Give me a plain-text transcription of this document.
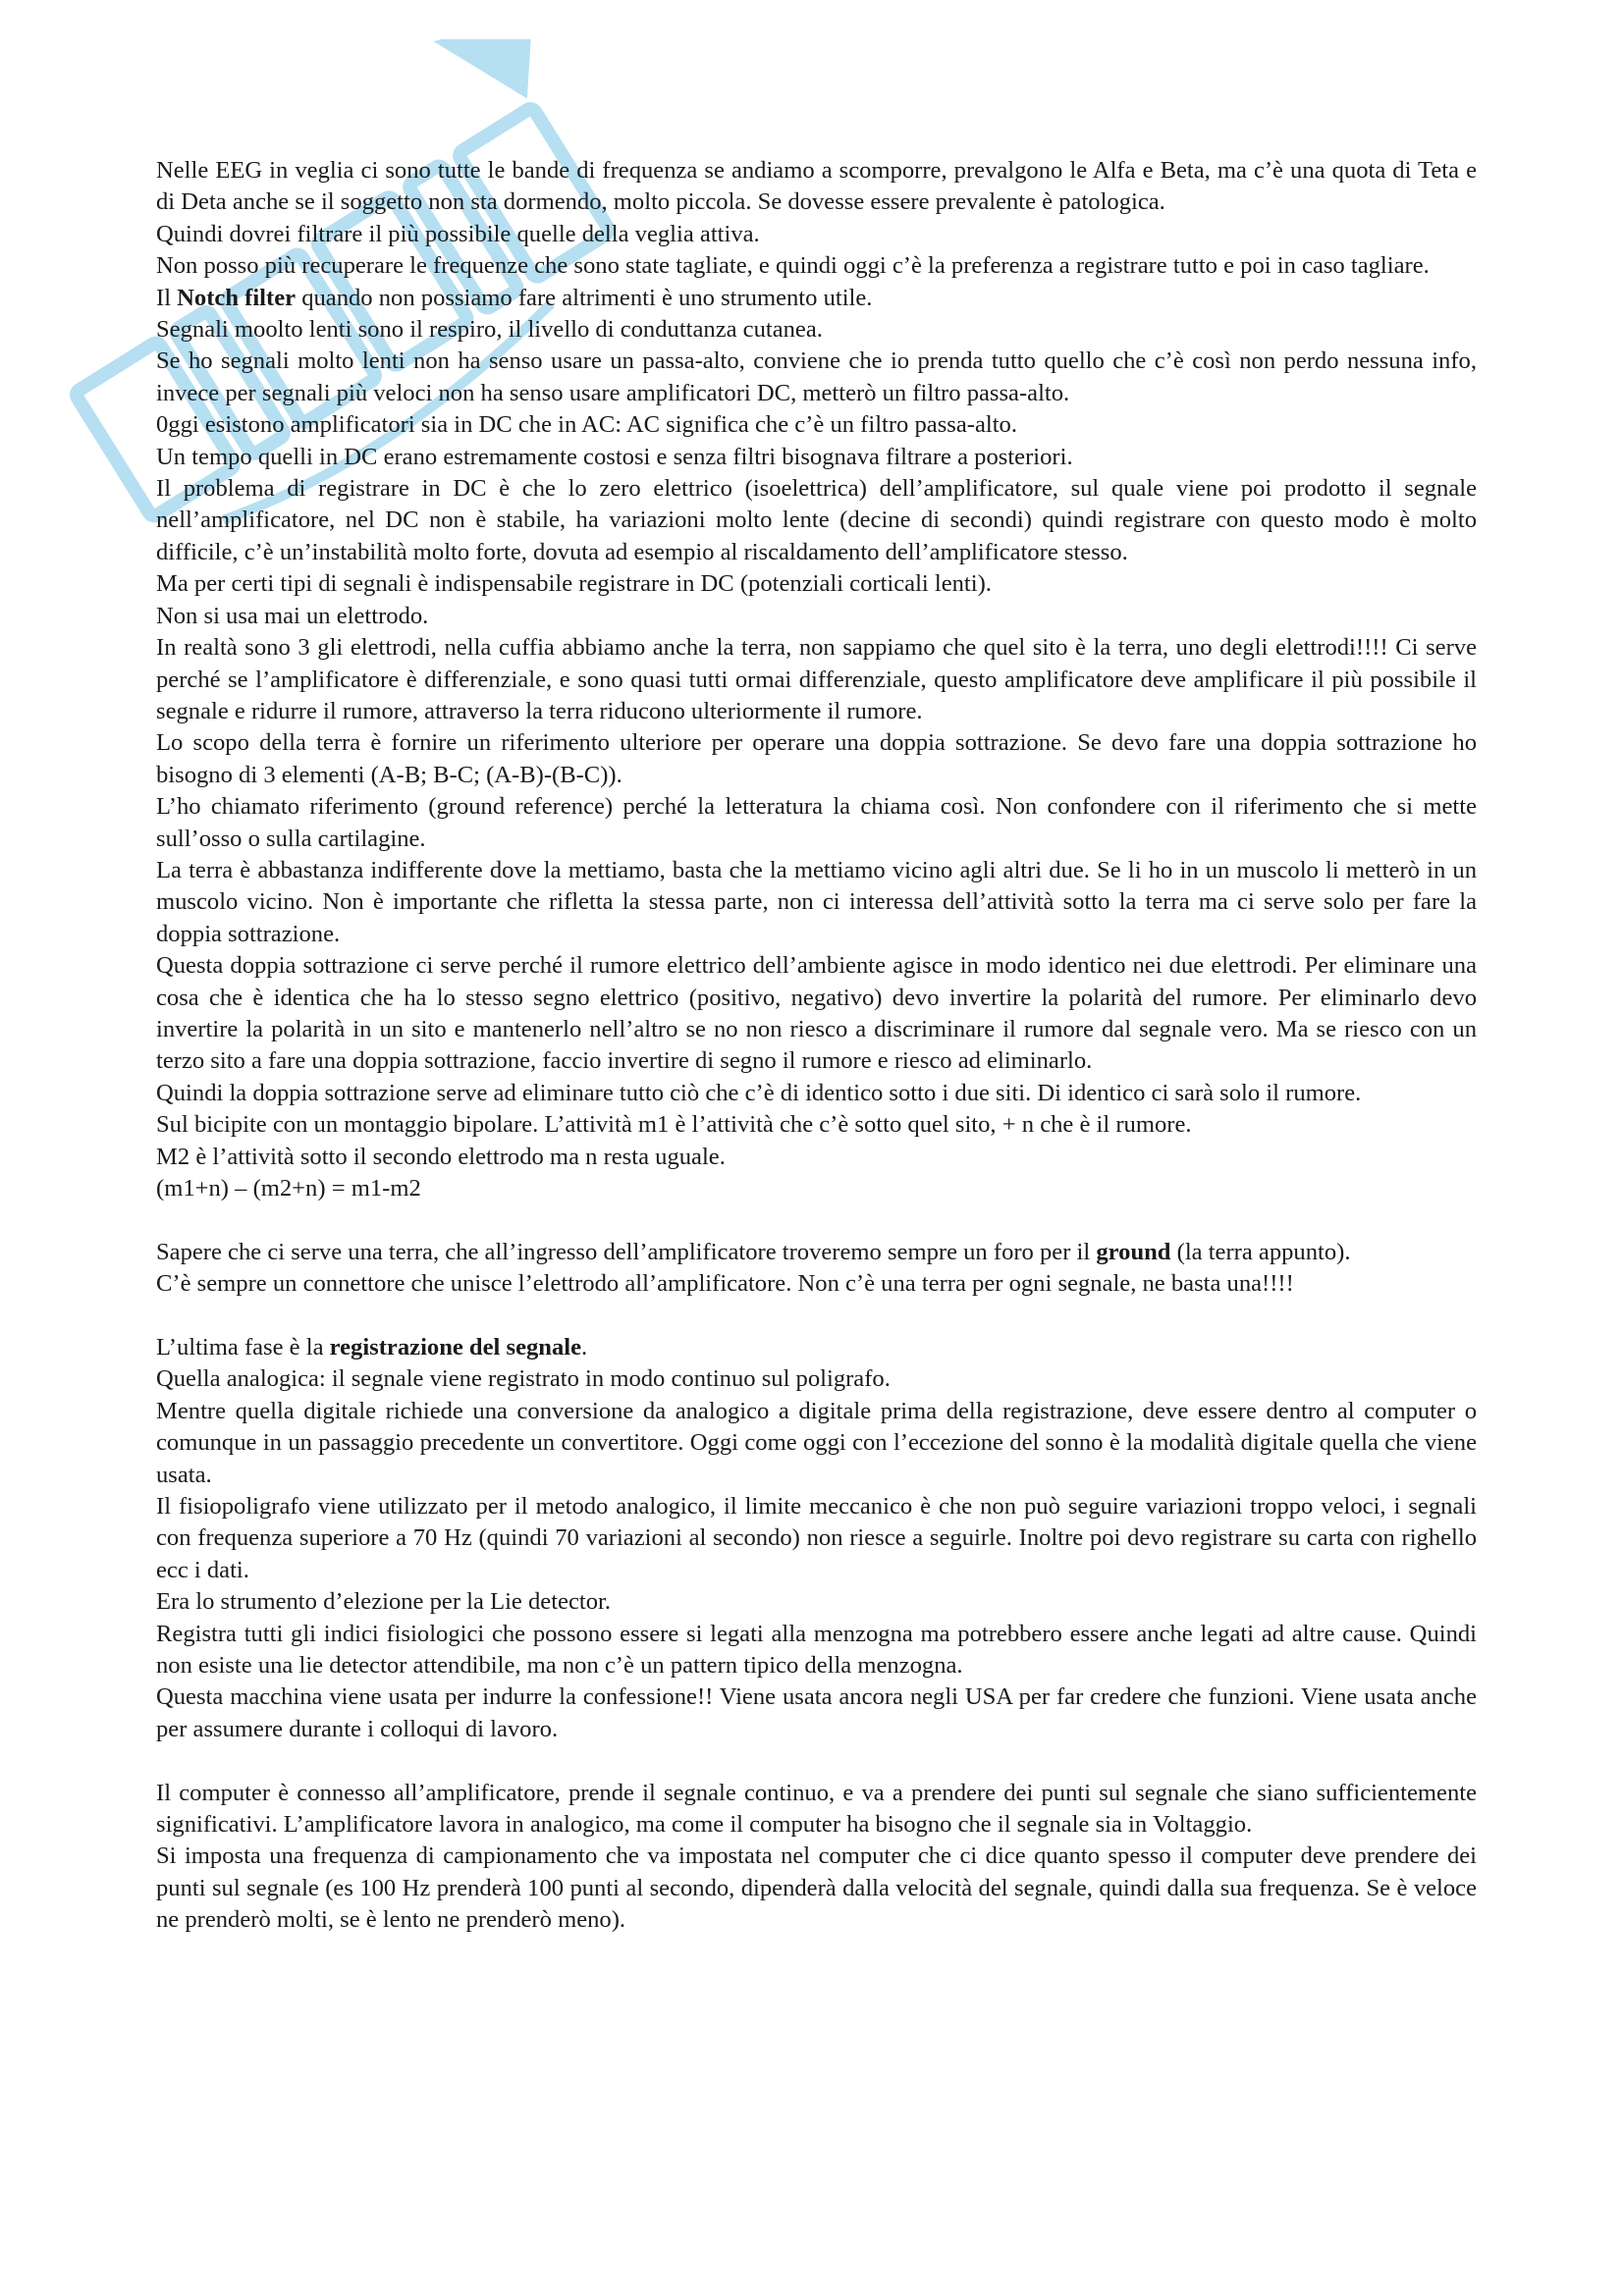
Nelle EEG in veglia ci sono tutte le bande di frequenza se andiamo a scomporre, prevalgono le Alfa e Beta, ma c’è una quota di Teta e di Deta anche se il soggetto non sta dormendo, molto piccola. Se dovesse essere prevalente è patologica.

Quindi dovrei filtrare il più possibile quelle della veglia attiva.

Non posso più recuperare le frequenze che sono state tagliate, e quindi oggi c’è la preferenza a registrare tutto e poi in caso tagliare.

Il Notch filter quando non possiamo fare altrimenti è uno strumento utile.

Segnali moolto lenti sono il respiro, il livello di conduttanza cutanea.

Se ho segnali molto lenti non ha senso usare un passa-alto, conviene che io prenda tutto quello che c’è così non perdo nessuna info, invece per segnali più veloci non ha senso usare amplificatori DC, metterò un filtro passa-alto.

0ggi esistono amplificatori sia in DC che in AC: AC significa che c’è un filtro passa-alto.

Un tempo quelli in DC erano estremamente costosi e senza filtri bisognava filtrare a posteriori.

Il problema di registrare in DC è che lo zero elettrico (isoelettrica) dell’amplificatore, sul quale viene poi prodotto il segnale nell’amplificatore, nel DC non è stabile, ha variazioni molto lente (decine di secondi) quindi registrare con questo modo è molto difficile, c’è un’instabilità molto forte, dovuta ad esempio al riscaldamento dell’amplificatore stesso.

Ma per certi tipi di segnali è indispensabile registrare in DC (potenziali corticali lenti).

Non si usa mai un elettrodo.

In realtà sono 3 gli elettrodi, nella cuffia abbiamo anche la terra, non sappiamo che quel sito è la terra, uno degli elettrodi!!!! Ci serve perché se l’amplificatore è differenziale, e sono quasi tutti ormai differenziale, questo amplificatore deve amplificare il più possibile il segnale e ridurre il rumore, attraverso la terra riducono ulteriormente il rumore.

Lo scopo della terra è fornire un riferimento ulteriore per operare una doppia sottrazione. Se devo fare una doppia sottrazione ho bisogno di 3 elementi (A-B; B-C; (A-B)-(B-C)).

L’ho chiamato riferimento (ground reference) perché la letteratura la chiama così. Non confondere con il riferimento che si mette sull’osso o sulla cartilagine.

La terra è abbastanza indifferente dove la mettiamo, basta che la mettiamo vicino agli altri due. Se li ho in un muscolo li metterò in un muscolo vicino. Non è importante che rifletta la stessa parte, non ci interessa dell’attività sotto la terra ma ci serve solo per fare la doppia sottrazione.

Questa doppia sottrazione ci serve perché il rumore elettrico dell’ambiente agisce in modo identico nei due elettrodi. Per eliminare una cosa che è identica che ha lo stesso segno elettrico (positivo, negativo) devo invertire la polarità del rumore. Per eliminarlo devo invertire la polarità in un sito e mantenerlo nell’altro se no non riesco a discriminare il rumore dal segnale vero. Ma se riesco con un terzo sito a fare una doppia sottrazione, faccio invertire di segno il rumore e riesco ad eliminarlo.

Quindi la doppia sottrazione serve ad eliminare tutto ciò che c’è di identico sotto i due siti. Di identico ci sarà solo il rumore.

Sul bicipite con un montaggio bipolare. L’attività m1 è l’attività che c’è sotto quel sito, + n che è il rumore.

M2 è l’attività sotto il secondo elettrodo ma n resta uguale.

(m1+n) – (m2+n) = m1-m2

Sapere che ci serve una terra, che all’ingresso dell’amplificatore troveremo sempre un foro per il ground (la terra appunto).

C’è sempre un connettore che unisce l’elettrodo all’amplificatore. Non c’è una terra per ogni segnale, ne basta una!!!!

L’ultima fase è la registrazione del segnale.

Quella analogica: il segnale viene registrato in modo continuo sul poligrafo.

Mentre quella digitale richiede una conversione da analogico a digitale prima della registrazione, deve essere dentro al computer o comunque in un passaggio precedente un convertitore. Oggi come oggi con l’eccezione del sonno è la modalità digitale quella che viene usata.

Il fisiopoligrafo viene utilizzato per il metodo analogico, il limite meccanico è che non può seguire variazioni troppo veloci, i segnali con frequenza superiore a 70 Hz (quindi 70 variazioni al secondo) non riesce a seguirle. Inoltre poi devo registrare su carta con righello ecc i dati.

Era lo strumento d’elezione per la Lie detector.

Registra tutti gli indici fisiologici che possono essere si legati alla menzogna ma potrebbero essere anche legati ad altre cause. Quindi non esiste una lie detector attendibile, ma non c’è un pattern tipico della menzogna.

Questa macchina viene usata per indurre la confessione!! Viene usata ancora negli USA per far credere che funzioni. Viene usata anche per assumere durante i colloqui di lavoro.

Il computer è connesso all’amplificatore, prende il segnale continuo, e va a prendere dei punti sul segnale che siano sufficientemente significativi. L’amplificatore lavora in analogico, ma come il computer ha bisogno che il segnale sia in Voltaggio.

Si imposta una frequenza di campionamento che va impostata nel computer che ci dice quanto spesso il computer deve prendere dei punti sul segnale (es 100 Hz prenderà 100 punti al secondo, dipenderà dalla velocità del segnale, quindi dalla sua frequenza. Se è veloce ne prenderò molti, se è lento ne prenderò meno).
